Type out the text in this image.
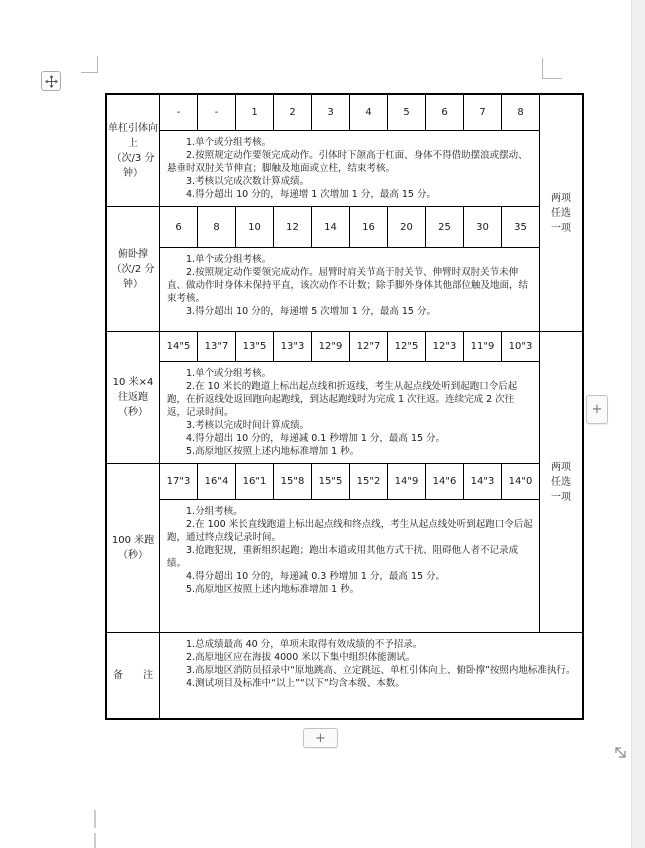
+
+
单杠引体向上
（次/3 分钟）
-	-	1	2	3	4	5	6	7	8

1.单个或分组考核。

2.按照规定动作要领完成动作。引体时下颌高于杠面、身体不得借助摆浪或摆动、悬垂时双肘关节伸直；脚触及地面或立柱，结束考核。

3.考核以完成次数计算成绩。

4.得分超出 10 分的，每递增 1 次增加 1 分，最高 15 分。

俯卧撑
（次/2 分钟）
6	8	10	12	14	16	20	25	30	35

1.单个或分组考核。

2.按照规定动作要领完成动作。屈臂时肩关节高于肘关节、伸臂时双肘关节未伸直、做动作时身体未保持平直，该次动作不计数；除手脚外身体其他部位触及地面，结束考核。

3.得分超出 10 分的，每递增 5 次增加 1 分，最高 15 分。

两项
任选
一项
10 米×4
往返跑
（秒）
14"5	13"7	13"5	13"3	12"9	12"7	12"5	12"3	11"9	10"3

1.单个或分组考核。

2.在 10 米长的跑道上标出起点线和折返线，考生从起点线处听到起跑口令后起跑，在折返线处返回跑向起跑线，到达起跑线时为完成 1 次往返。连续完成 2 次往返，记录时间。

3.考核以完成时间计算成绩。

4.得分超出 10 分的，每递减 0.1 秒增加 1 分，最高 15 分。

5.高原地区按照上述内地标准增加 1 秒。

100 米跑（秒）
17"3	16"4	16"1	15"8	15"5	15"2	14"9	14"6	14"3	14"0

1.分组考核。

2.在 100 米长直线跑道上标出起点线和终点线，考生从起点线处听到起跑口令后起跑，通过终点线记录时间。

3.抢跑犯规，重新组织起跑；跑出本道或用其他方式干扰、阻碍他人者不记录成绩。

4.得分超出 10 分的，每递减 0.3 秒增加 1 分，最高 15 分。

5.高原地区按照上述内地标准增加 1 秒。

两项
任选
一项
备　　注

1.总成绩最高 40 分，单项未取得有效成绩的不予招录。

2.高原地区应在海拔 4000 米以下集中组织体能测试。

3.高原地区消防员招录中“原地跳高、立定跳远、单杠引体向上、俯卧撑”按照内地标准执行。

4.测试项目及标准中“以上”“以下”均含本级、本数。
